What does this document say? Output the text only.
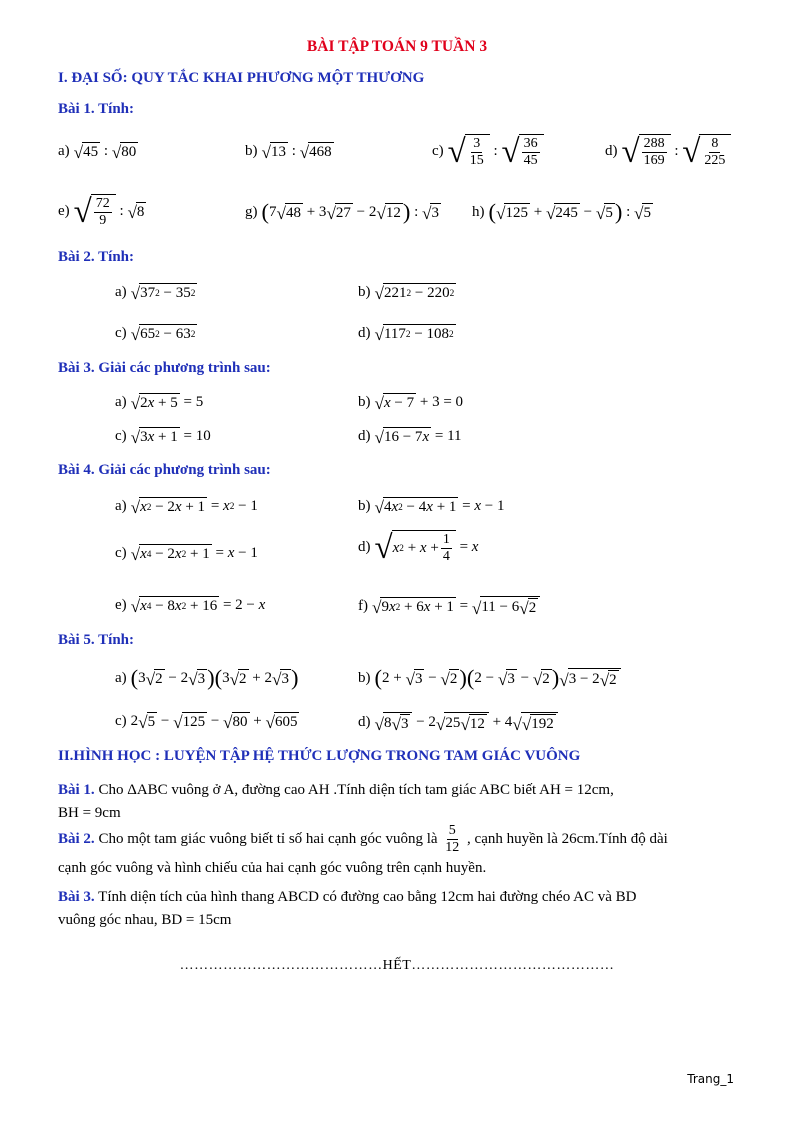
BÀI TẬP TOÁN 9 TUẦN 3
I. ĐẠI SỐ: QUY TẮC KHAI PHƯƠNG MỘT THƯƠNG
Bài 1. Tính:
a) √ 45 : √ 80	b) √ 13 : √ 468	c) √ $\frac{3}{15}$ : √ $\frac{36}{45}$	d) √ $\frac{288}{169}$ : √ $\frac{8}{225}$
e) √ $\frac{72}{9}$ : √ 8	g) ( 7 √ 48 + 3 √ 27 − 2 √ 12 ) : √ 3 h) ( √ 125 + √ 245 − √ 5 ) : √ 5
Bài 2. Tính:
a) √ 37 2 − 35 2	b) √ 221 2 − 220 2
c) √ 65 2 − 63 2	d) √ 117 2 − 108 2
Bài 3. Giải các phương trình sau:
a) √ 2 x + 5 = 5	b) √ x − 7 + 3 = 0
c) √ 3 x + 1 = 10	d) √ 16 − 7 x = 11
Bài 4. Giải các phương trình sau:
a) √ x 2 − 2 x + 1 = x 2 − 1	b) √ 4 x 2 − 4 x + 1 = x − 1
c) √ x 4 − 2 x 2 + 1 = x − 1	d) √ x $2 + x + \frac{1}{4} = x$
e) √ x 4 − 8 x 2 + 16 = 2 − x	f) √ 9 x 2 + 6 x + 1 = √ 11 − 6 √ 2
Bài 5. Tính:
a) ( 3 √ 2 − 2 √ 3 ) ( 3 √ 2 + 2 √ 3 )	b) ( 2 + √ 3 − √ 2 ) ( 2 − √ 3 − √ 2 ) √ 3 − 2 √ 2
c) 2 √ 5 − √ 125 − √ 80 + √ 605	d) √ 8 √ 3 − 2 √ 25 √ 12 + 4 √ √ 192
II.HÌNH HỌC : LUYỆN TẬP HỆ THỨC LƯỢNG TRONG TAM GIÁC VUÔNG
Bài 1. Cho ΔABC vuông ở A, đường cao AH .Tính diện tích tam giác ABC biết AH = 12cm,
BH = 9cm
Bài 2. Cho một tam giác vuông biết tỉ số hai cạnh góc vuông là $\frac{5}{12}$ , cạnh huyền là 26cm.Tính độ dài
cạnh góc vuông và hình chiếu của hai cạnh góc vuông trên cạnh huyền.
Bài 3. Tính diện tích của hình thang ABCD có đường cao bằng 12cm hai đường chéo AC và BD
vuông góc nhau, BD = 15cm
……………………………………HẾT……………………………………
Trang_1
